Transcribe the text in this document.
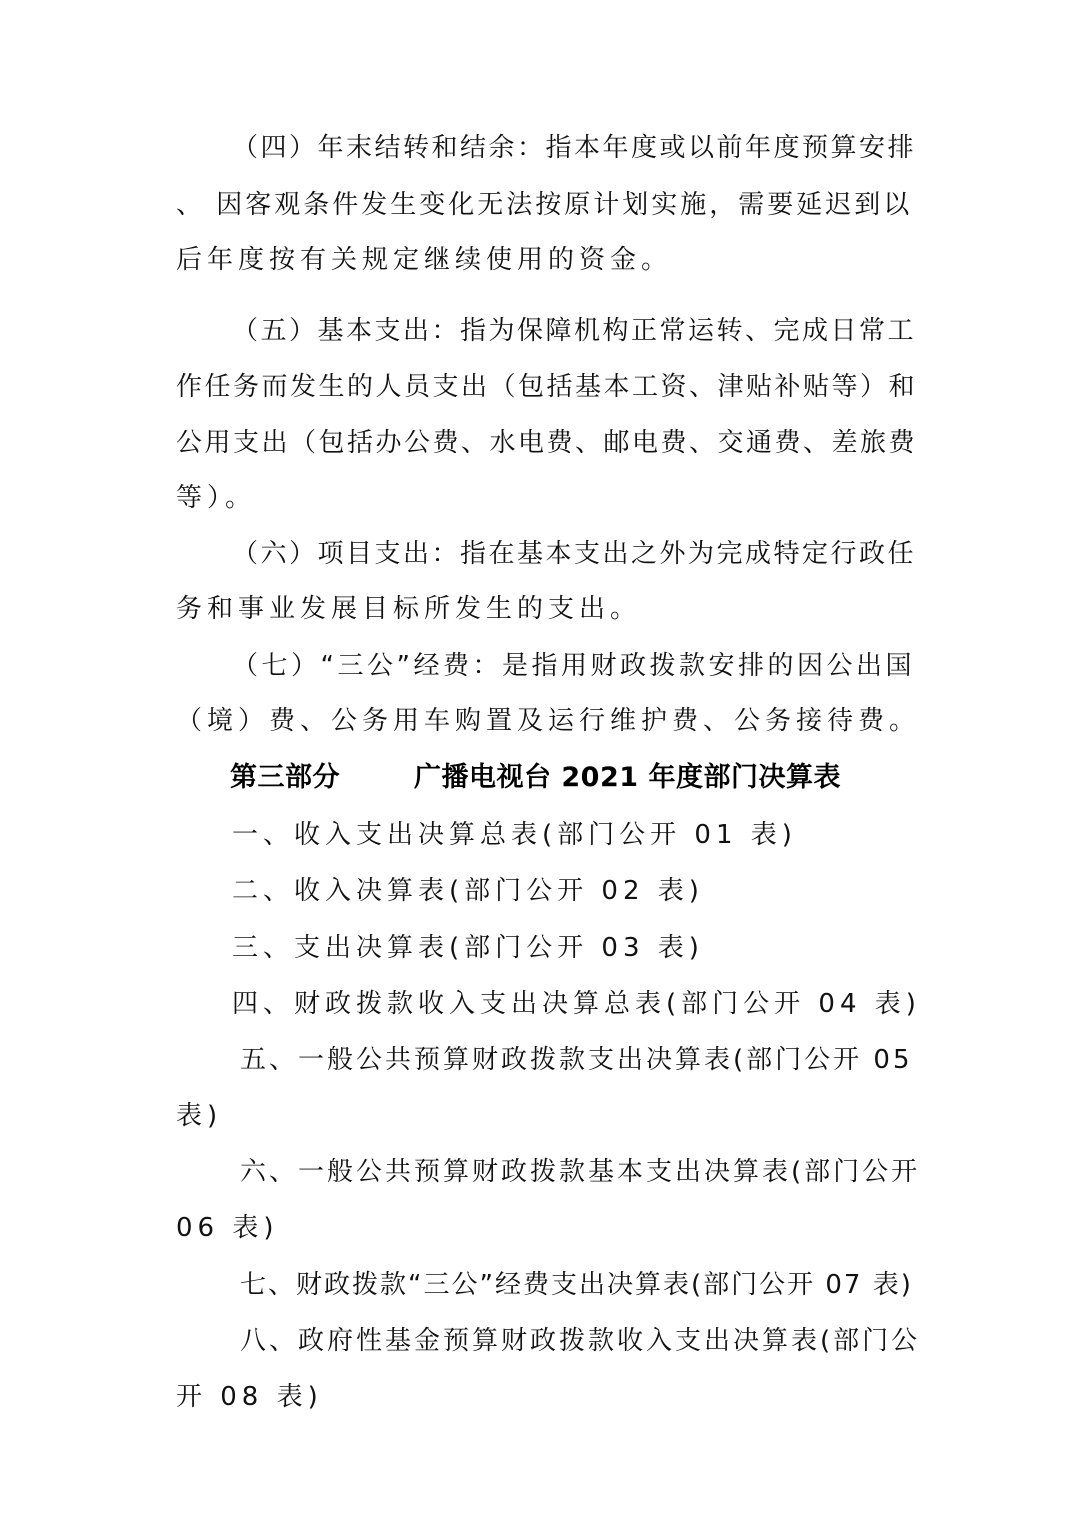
（四）年末结转和结余：指本年度或以前年度预算安排
、 因客观条件发生变化无法按原计划实施，需要延迟到以
后年度按有关规定继续使用的资金。
（五）基本支出：指为保障机构正常运转、完成日常工
作任务而发生的人员支出（包括基本工资、津贴补贴等）和
公用支出（包括办公费、水电费、邮电费、交通费、差旅费
等）。
（六）项目支出：指在基本支出之外为完成特定行政任
务和事业发展目标所发生的支出。
（七）“三公”经费：是指用财政拨款安排的因公出国
（境）费、公务用车购置及运行维护费、公务接待费。
第三部分	广播电视台 2021 年度部门决算表
一、收入支出决算总表(部门公开 01 表)
二、收入决算表(部门公开 02 表)
三、支出决算表(部门公开 03 表)
四、财政拨款收入支出决算总表(部门公开 04 表)
五、一般公共预算财政拨款支出决算表(部门公开 05
表)
六、一般公共预算财政拨款基本支出决算表(部门公开
06 表)
七、财政拨款“三公”经费支出决算表(部门公开 07 表)
八、政府性基金预算财政拨款收入支出决算表(部门公
开 08 表)
